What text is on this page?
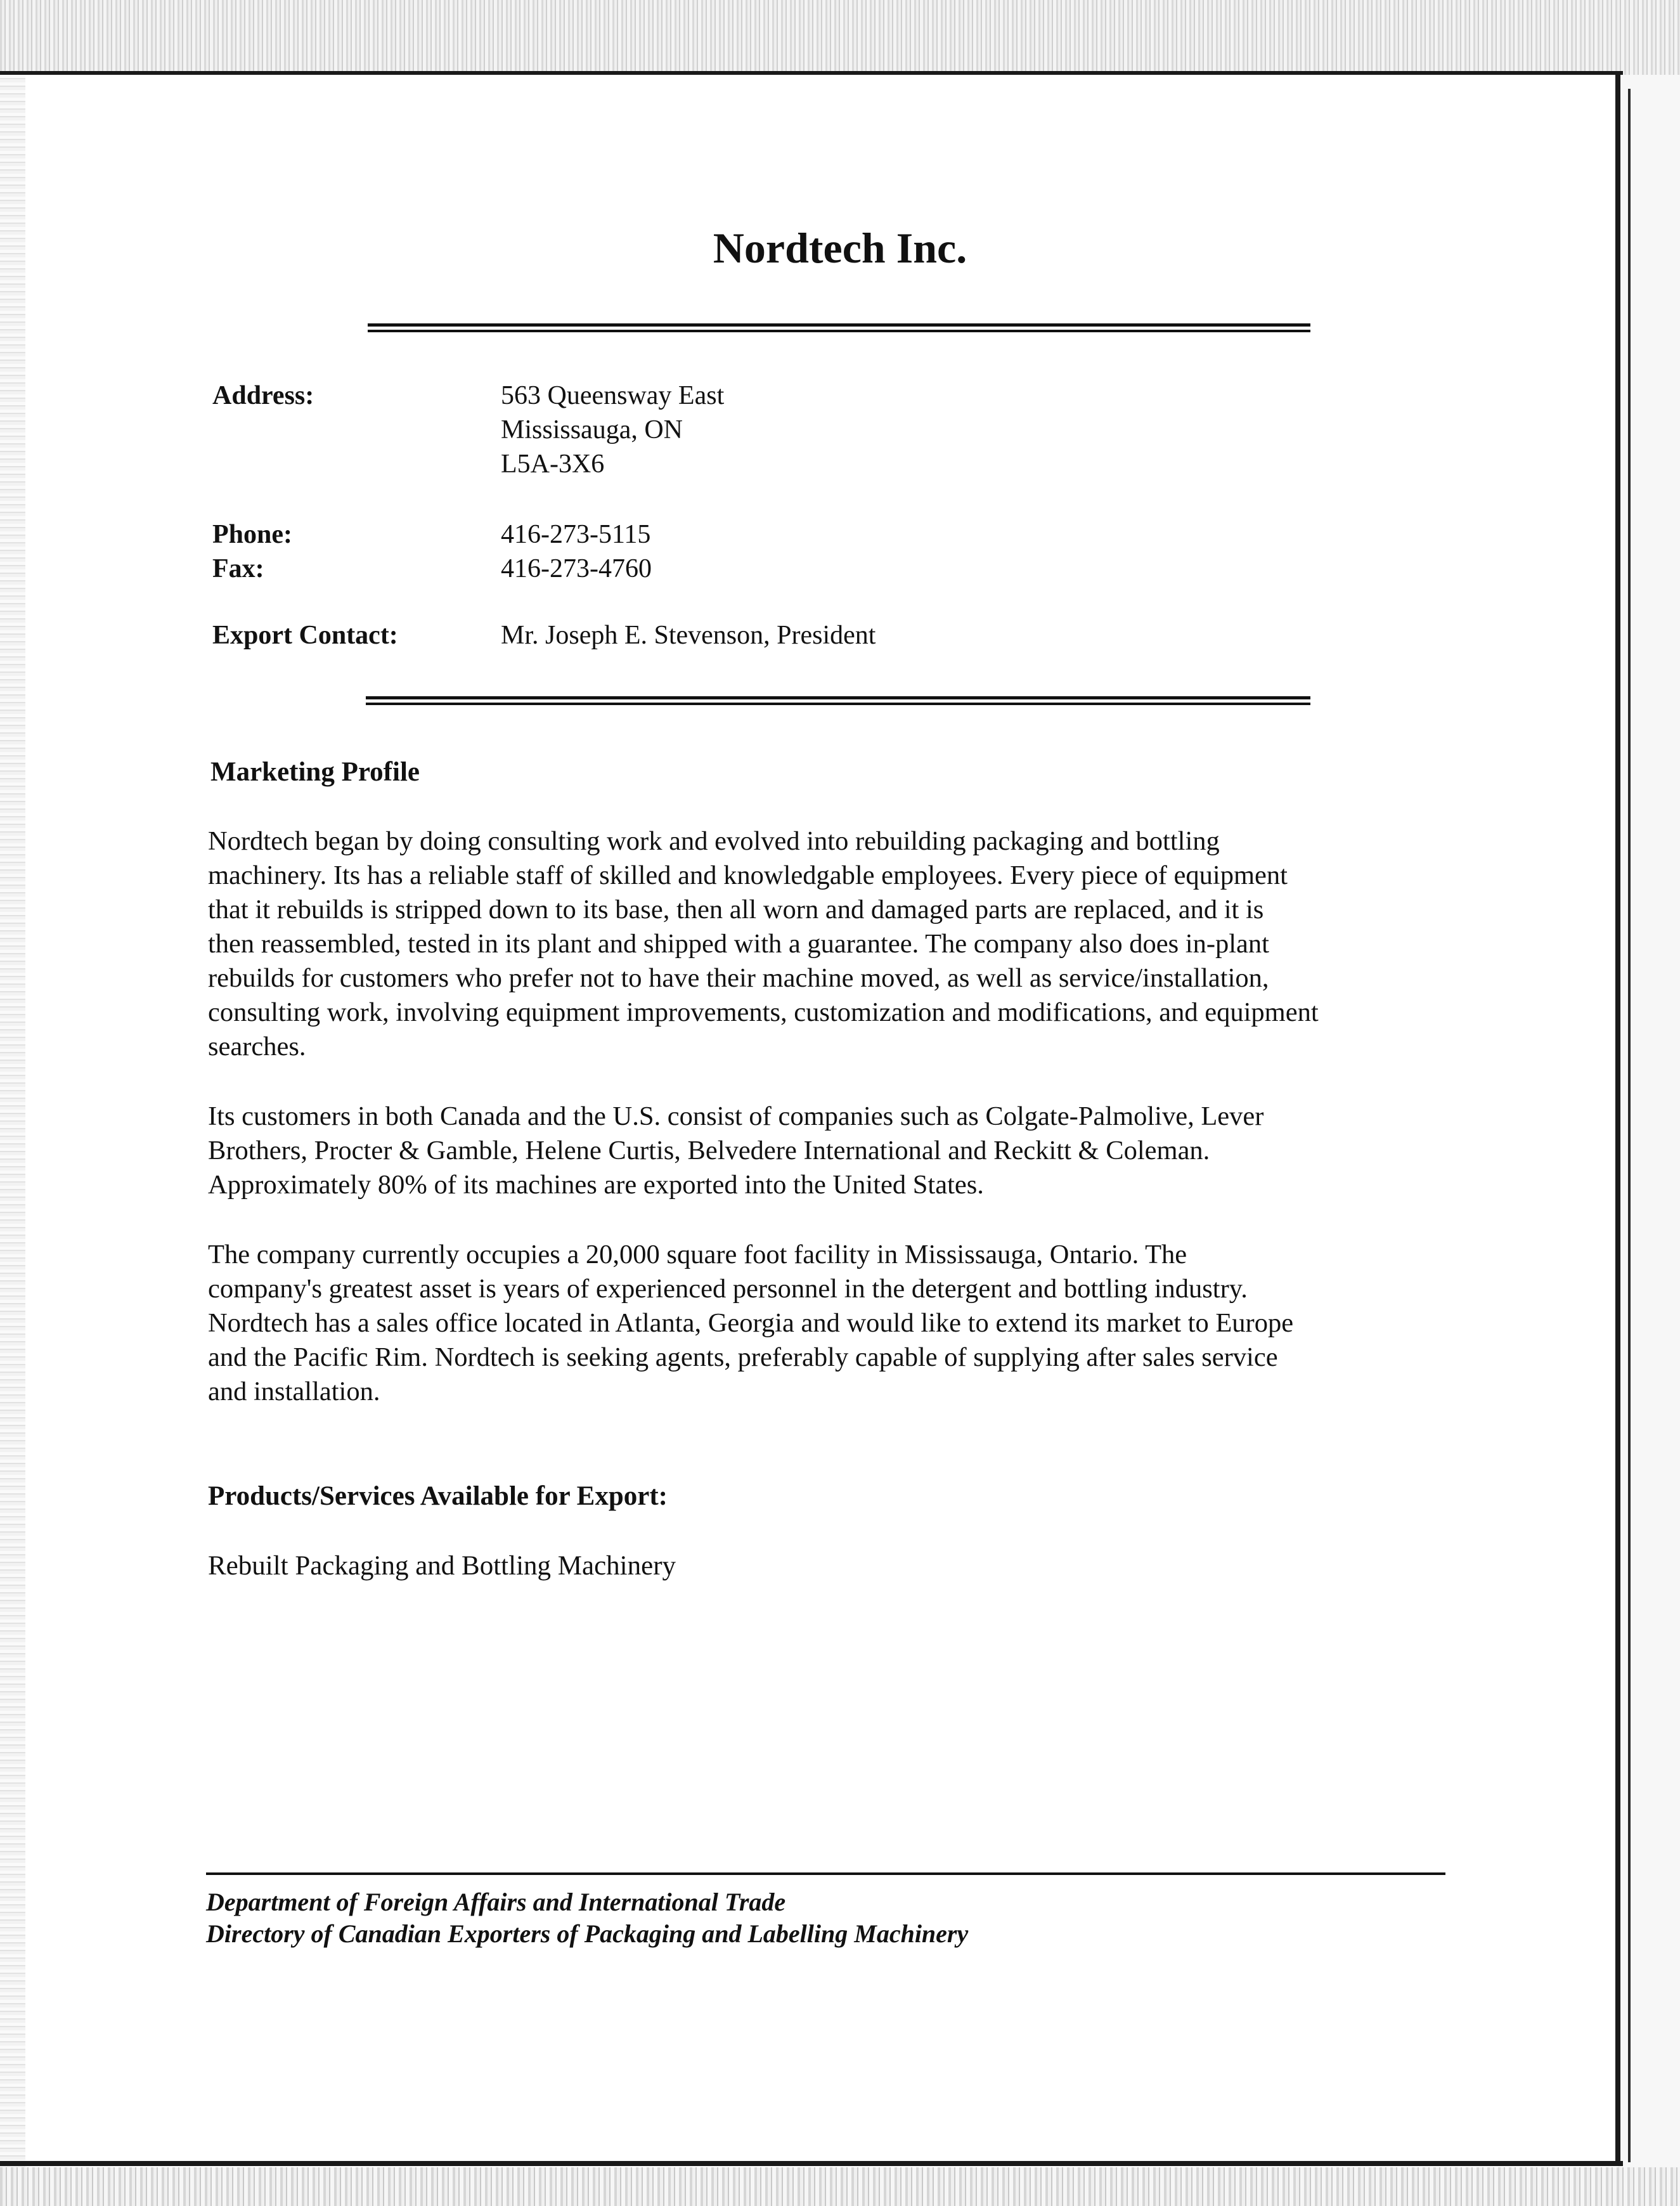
Nordtech Inc.
Address:	563 Queensway East
Mississauga, ON
L5A-3X6
Phone:	416-273-5115
Fax:	416-273-4760
Export Contact:	Mr. Joseph E. Stevenson, President
Marketing Profile
Nordtech began by doing consulting work and evolved into rebuilding packaging and bottling
machinery. Its has a reliable staff of skilled and knowledgable employees. Every piece of equipment
that it rebuilds is stripped down to its base, then all worn and damaged parts are replaced, and it is
then reassembled, tested in its plant and shipped with a guarantee. The company also does in-plant
rebuilds for customers who prefer not to have their machine moved, as well as service/installation,
consulting work, involving equipment improvements, customization and modifications, and equipment
searches.
Its customers in both Canada and the U.S. consist of companies such as Colgate-Palmolive, Lever
Brothers, Procter & Gamble, Helene Curtis, Belvedere International and Reckitt & Coleman.
Approximately 80% of its machines are exported into the United States.
The company currently occupies a 20,000 square foot facility in Mississauga, Ontario. The
company's greatest asset is years of experienced personnel in the detergent and bottling industry.
Nordtech has a sales office located in Atlanta, Georgia and would like to extend its market to Europe
and the Pacific Rim. Nordtech is seeking agents, preferably capable of supplying after sales service
and installation.
Products/Services Available for Export:
Rebuilt Packaging and Bottling Machinery
Department of Foreign Affairs and International Trade
Directory of Canadian Exporters of Packaging and Labelling Machinery
